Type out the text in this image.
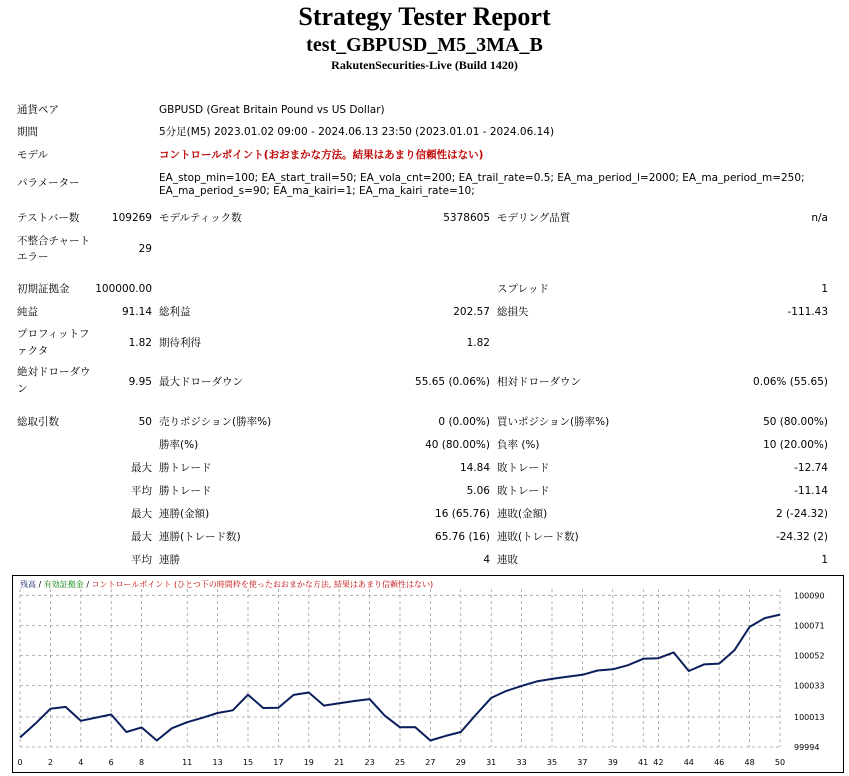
Strategy Tester Report
test_GBPUSD_M5_3MA_B
RakutenSecurities-Live (Build 1420)
通貨ペア	GBPUSD (Great Britain Pound vs US Dollar)
期間	5分足(M5) 2023.01.02 09:00 - 2024.06.13 23:50 (2023.01.01 - 2024.06.14)
モデル	コントロールポイント(おおまかな方法。結果はあまり信頼性はない)
パラメーター	EA_stop_min=100; EA_start_trail=50; EA_vola_cnt=200; EA_trail_rate=0.5; EA_ma_period_l=2000; EA_ma_period_m=250;
EA_ma_period_s=90; EA_ma_kairi=1; EA_ma_kairi_rate=10;
テストバー数	109269 モデルティック数	5378605 モデリング品質	n/a
不整合チャート
エラー
29
初期証拠金	100000.00	スプレッド	1
純益	91.14 総利益	202.57 総損失	-111.43
プロフィットフ
ァクタ
1.82 期待利得	1.82
絶対ドローダウ
ン
9.95 最大ドローダウン	55.65 (0.06%) 相対ドローダウン	0.06% (55.65)
総取引数	50 売りポジション(勝率%)	0 (0.00%) 買いポジション(勝率%)	50 (80.00%)
勝率(%)	40 (80.00%) 負率 (%)	10 (20.00%)
最大 勝トレード	14.84 敗トレード	-12.74
平均 勝トレード	5.06 敗トレード	-11.14
最大 連勝(金額)	16 (65.76) 連敗(金額)	2 (-24.32)
最大 連勝(トレード数)	65.76 (16) 連敗(トレード数)	-24.32 (2)
平均 連勝	4 連敗	1
残高 / 有効証拠金 / コントロールポイント (ひとつ下の時間枠を使ったおおまかな方法, 結果はあまり信頼性はない)
99994
100013
100033
100052
100071
100090
0	2	4	6	8	11	13	15	17	19	21	23	25	27	29	31	33	35	37	39	41 42	44	46	48	50
